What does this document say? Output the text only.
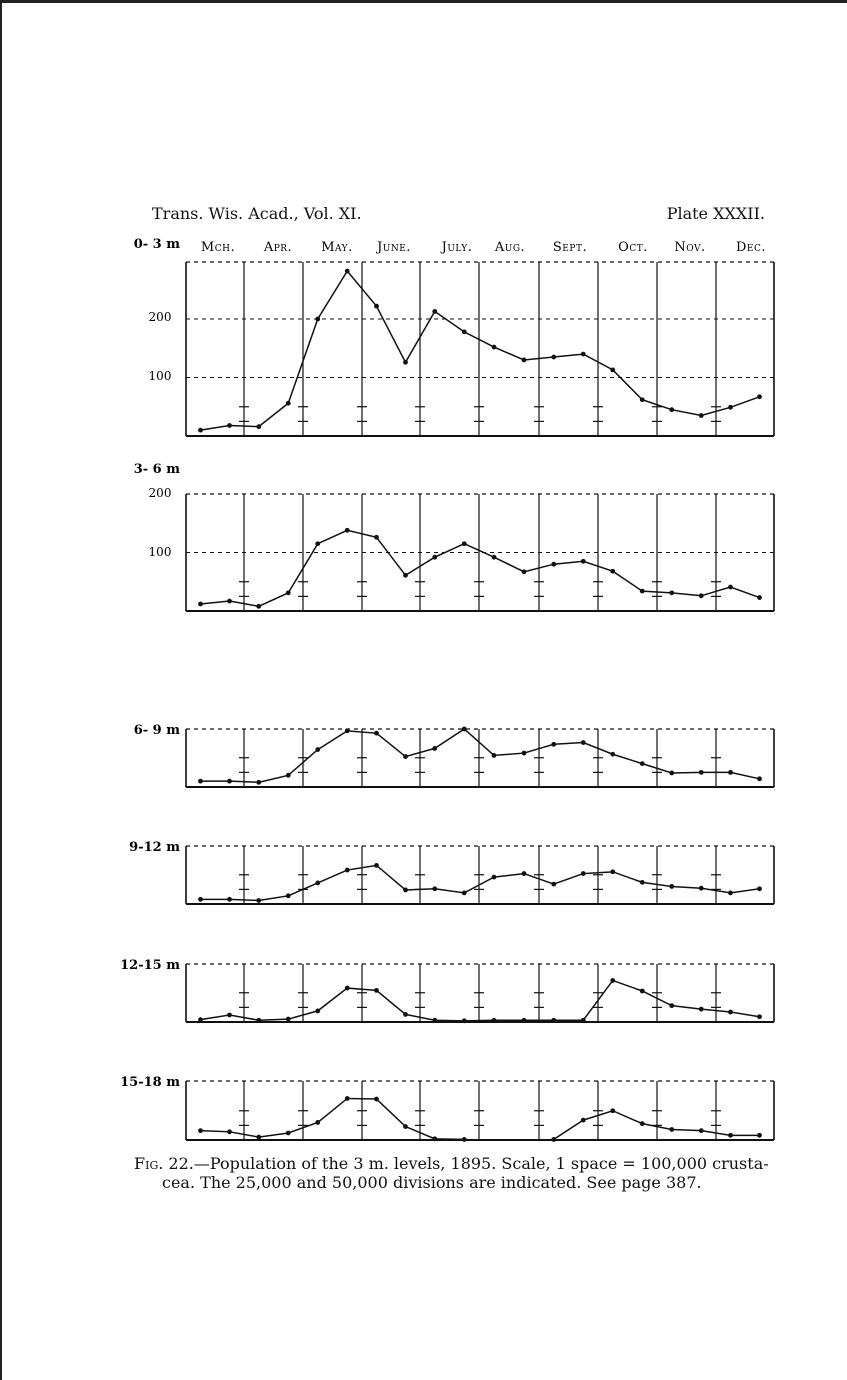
Trans. Wis. Acad., Vol. XI.	Plate XXXII.
Mch. Apr. May. June. July. Aug. Sept. Oct. Nov. Dec.
0- 3 m
200
100
3- 6 m
200
100
6- 9 m
9-12 m
12-15 m
15-18 m
Fig. 22.—Population of the 3 m. levels, 1895. Scale, 1 space = 100,000 crusta-
cea. The 25,000 and 50,000 divisions are indicated. See page 387.
